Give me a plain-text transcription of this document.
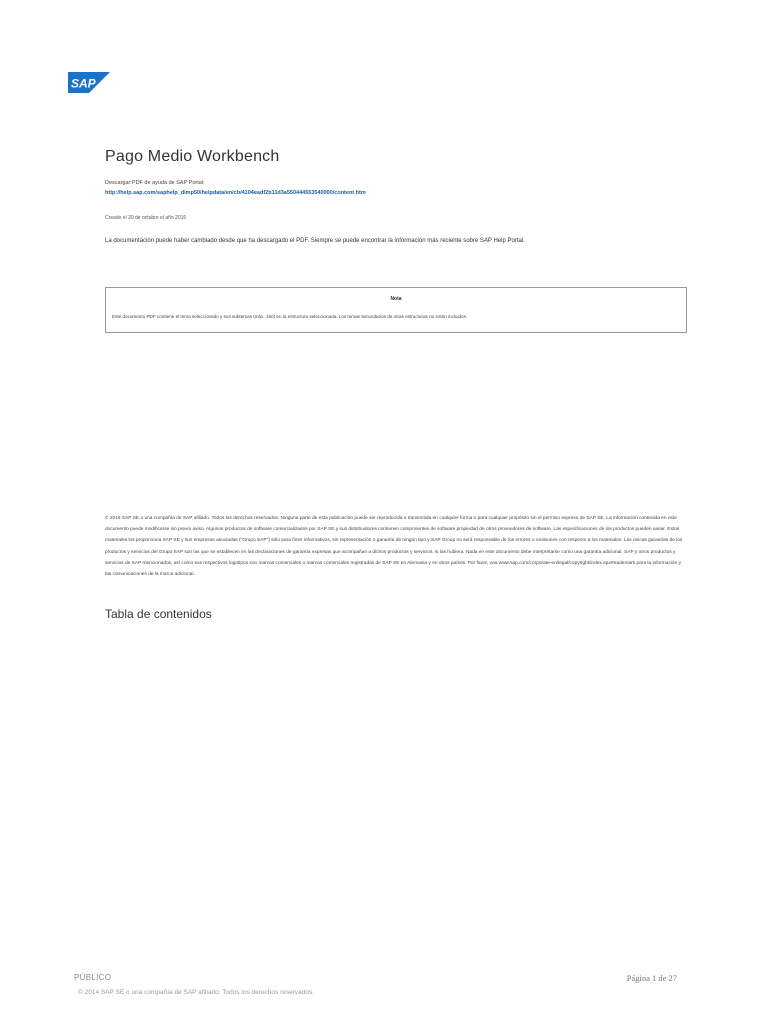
SAP
Pago Medio Workbench
Descargar PDF de ayuda de SAP Portal:
http://help.sap.com/saphelp_dimp50/helpdata/en/cb/4104eadf2b11d3a550444553540000/content.htm
Creado el 20 de octubre el año 2016
La documentación puede haber cambiado desde que ha descargado el PDF. Siempre se puede encontrar la información más reciente sobre SAP Help Portal.
Nota
Este documento PDF contiene el tema seleccionado y sus subtemas (máx. 150) en la estructura seleccionada. Los temas secundarios de otras estructuras no están incluidos.

© 2016 SAP SE o una compañía de SAP afiliado. Todos los derechos reservados. Ninguna parte de esta publicación puede ser reproducida o transmitida en cualquier forma o para cualquier propósito sin el permiso expreso de SAP SE. La información contenida en este documento puede modificarse sin previo aviso. Algunos productos de software comercializados por SAP SE y sus distribuidores contienen componentes de software propiedad de otros proveedores de software. Las especificaciones de los productos pueden variar. Estos materiales los proporciona SAP SE y sus empresas asociadas ("Grupo SAP") sólo para fines informativos, sin representación o garantía de ningún tipo y SAP Group no será responsable de los errores u omisiones con respecto a los materiales. Las únicas garantías de los productos y servicios del Grupo SAP son las que se establecen en las declaraciones de garantía expresas que acompañan a dichos productos y servicios, si las hubiera. Nada en este documento debe interpretarse como una garantía adicional. SAP y otros productos y servicios de SAP mencionados, así como sus respectivos logotipos son marcas comerciales o marcas comerciales registradas de SAP SE en Alemania y en otros países. Por favor, vea www.sap.com/corporate-en/legal/copyright/index.epx#trademark para la información y las comunicaciones de la marca adicional.

Tabla de contenidos
PÚBLICO	Página 1 de 27
© 2014 SAP SE o una compañía de SAP afiliado. Todos los derechos reservados.
